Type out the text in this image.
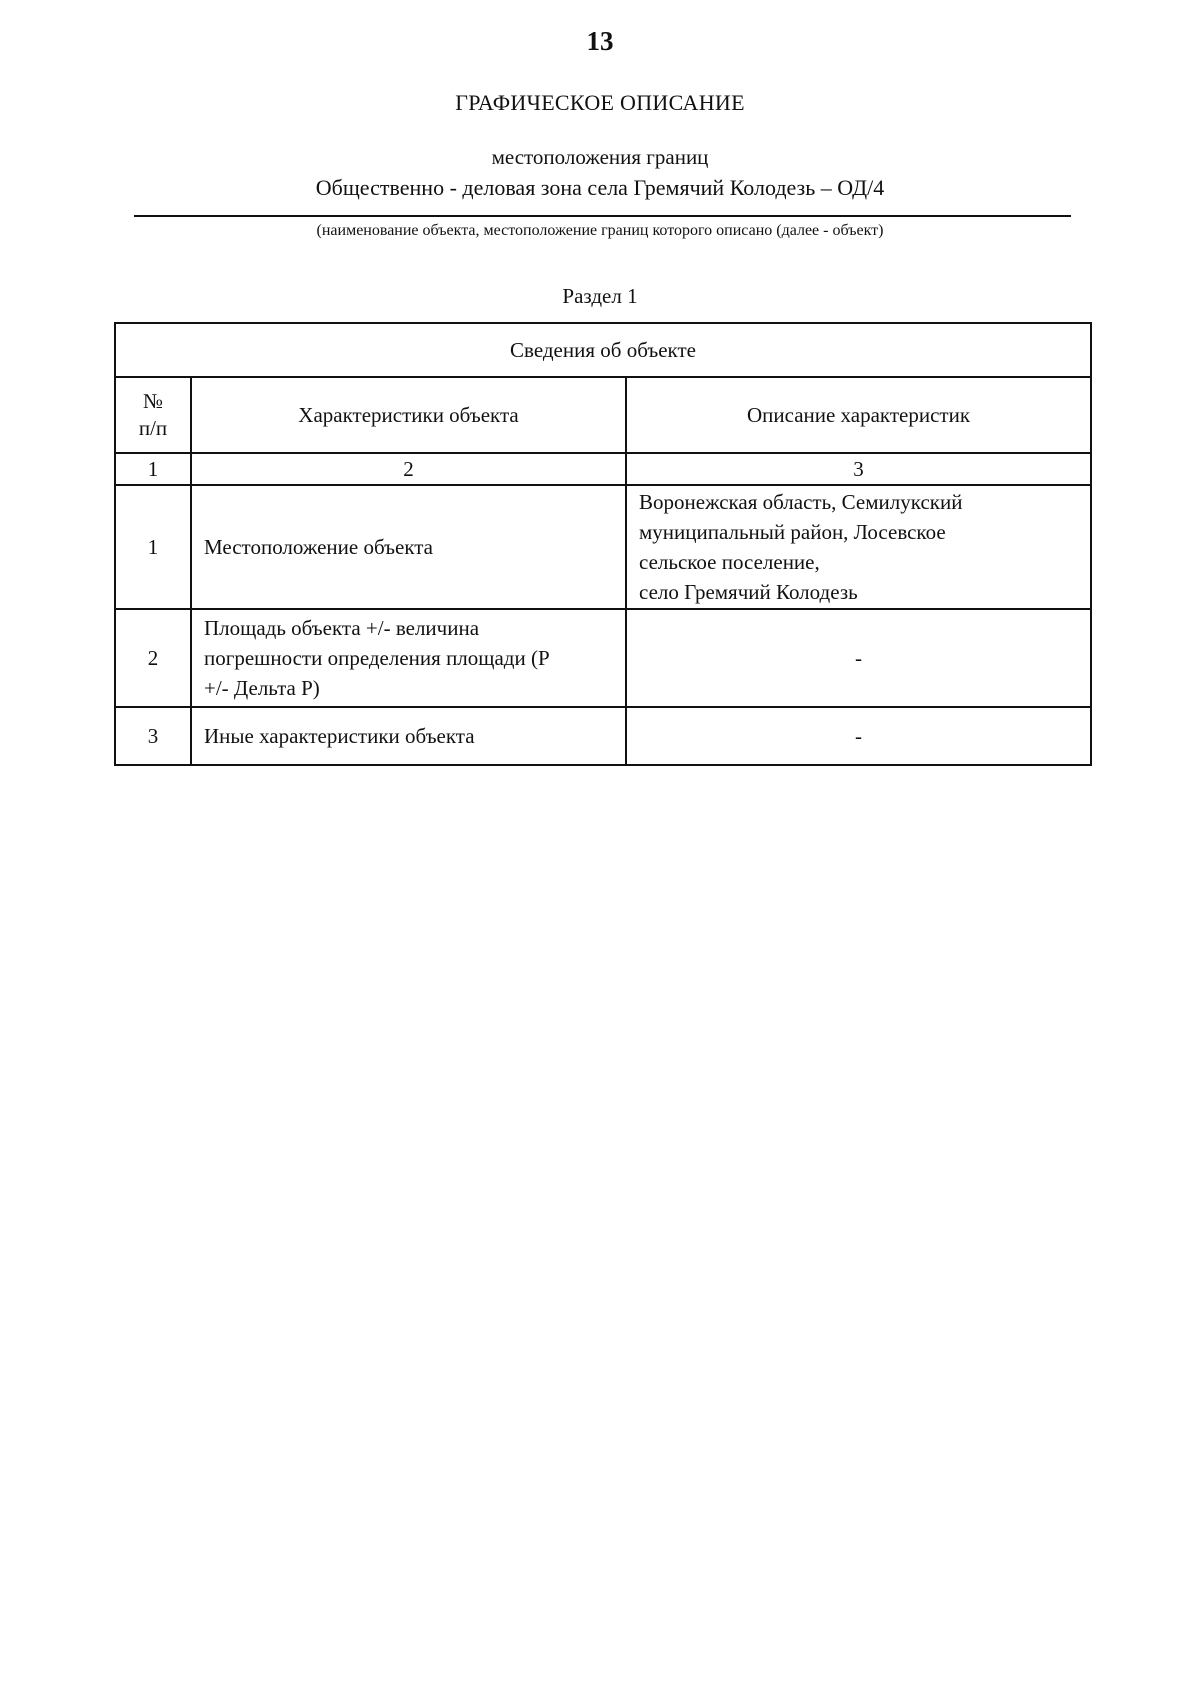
13
ГРАФИЧЕСКОЕ ОПИСАНИЕ
местоположения границ
Общественно - деловая зона села Гремячий Колодезь – ОД/4
(наименование объекта, местоположение границ которого описано (далее - объект)
Раздел 1
Сведения об объекте		

№
п/п	Характеристики объекта	Описание характеристик
1	2	3
1	Местоположение объекта	Воронежская область, Семилукский
муниципальный район, Лосевское
сельское поселение,
село Гремячий Колодезь

2	Площадь объекта +/- величина
погрешности определения площади (Р
+/- Дельта Р)	-
3	Иные характеристики объекта	-
